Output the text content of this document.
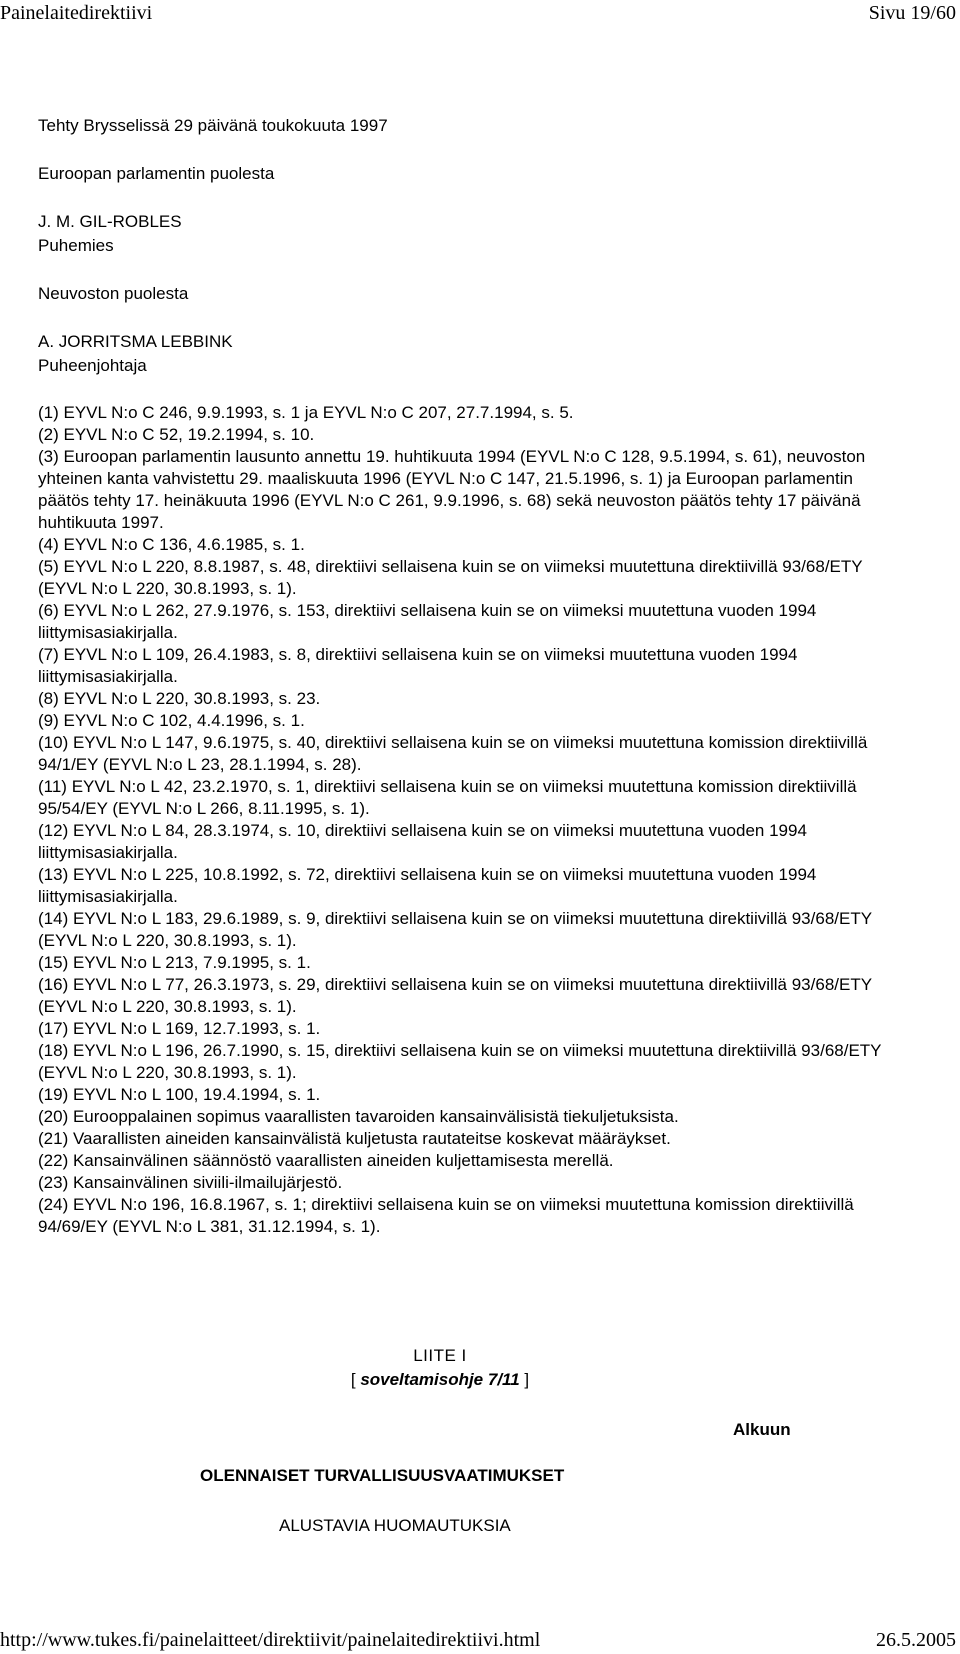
Painelaitedirektiivi	Sivu 19/60

Tehty Brysselissä 29 päivänä toukokuuta 1997

Euroopan parlamentin puolesta

J. M. GIL-ROBLES

Puhemies

Neuvoston puolesta

A. JORRITSMA LEBBINK

Puheenjohtaja

(1) EYVL N:o C 246, 9.9.1993, s. 1 ja EYVL N:o C 207, 27.7.1994, s. 5.

(2) EYVL N:o C 52, 19.2.1994, s. 10.

(3) Euroopan parlamentin lausunto annettu 19. huhtikuuta 1994 (EYVL N:o C 128, 9.5.1994, s. 61), neuvoston yhteinen kanta vahvistettu 29. maaliskuuta 1996 (EYVL N:o C 147, 21.5.1996, s. 1) ja Euroopan parlamentin päätös tehty 17. heinäkuuta 1996 (EYVL N:o C 261, 9.9.1996, s. 68) sekä neuvoston päätös tehty 17 päivänä huhtikuuta 1997.

(4) EYVL N:o C 136, 4.6.1985, s. 1.

(5) EYVL N:o L 220, 8.8.1987, s. 48, direktiivi sellaisena kuin se on viimeksi muutettuna direktiivillä 93/68/ETY (EYVL N:o L 220, 30.8.1993, s. 1).

(6) EYVL N:o L 262, 27.9.1976, s. 153, direktiivi sellaisena kuin se on viimeksi muutettuna vuoden 1994 liittymisasiakirjalla.

(7) EYVL N:o L 109, 26.4.1983, s. 8, direktiivi sellaisena kuin se on viimeksi muutettuna vuoden 1994 liittymisasiakirjalla.

(8) EYVL N:o L 220, 30.8.1993, s. 23.

(9) EYVL N:o C 102, 4.4.1996, s. 1.

(10) EYVL N:o L 147, 9.6.1975, s. 40, direktiivi sellaisena kuin se on viimeksi muutettuna komission direktiivillä 94/1/EY (EYVL N:o L 23, 28.1.1994, s. 28).

(11) EYVL N:o L 42, 23.2.1970, s. 1, direktiivi sellaisena kuin se on viimeksi muutettuna komission direktiivillä 95/54/EY (EYVL N:o L 266, 8.11.1995, s. 1).

(12) EYVL N:o L 84, 28.3.1974, s. 10, direktiivi sellaisena kuin se on viimeksi muutettuna vuoden 1994 liittymisasiakirjalla.

(13) EYVL N:o L 225, 10.8.1992, s. 72, direktiivi sellaisena kuin se on viimeksi muutettuna vuoden 1994 liittymisasiakirjalla.

(14) EYVL N:o L 183, 29.6.1989, s. 9, direktiivi sellaisena kuin se on viimeksi muutettuna direktiivillä 93/68/ETY (EYVL N:o L 220, 30.8.1993, s. 1).

(15) EYVL N:o L 213, 7.9.1995, s. 1.

(16) EYVL N:o L 77, 26.3.1973, s. 29, direktiivi sellaisena kuin se on viimeksi muutettuna direktiivillä 93/68/ETY (EYVL N:o L 220, 30.8.1993, s. 1).

(17) EYVL N:o L 169, 12.7.1993, s. 1.

(18) EYVL N:o L 196, 26.7.1990, s. 15, direktiivi sellaisena kuin se on viimeksi muutettuna direktiivillä 93/68/ETY (EYVL N:o L 220, 30.8.1993, s. 1).

(19) EYVL N:o L 100, 19.4.1994, s. 1.

(20) Eurooppalainen sopimus vaarallisten tavaroiden kansainvälisistä tiekuljetuksista.

(21) Vaarallisten aineiden kansainvälistä kuljetusta rautateitse koskevat määräykset.

(22) Kansainvälinen säännöstö vaarallisten aineiden kuljettamisesta merellä.

(23) Kansainvälinen siviili-ilmailujärjestö.

(24) EYVL N:o 196, 16.8.1967, s. 1; direktiivi sellaisena kuin se on viimeksi muutettuna komission direktiivillä 94/69/EY (EYVL N:o L 381, 31.12.1994, s. 1).

LIITE I
[ soveltamisohje 7/11 ]
Alkuun
OLENNAISET TURVALLISUUSVAATIMUKSET
ALUSTAVIA HUOMAUTUKSIA
http://www.tukes.fi/painelaitteet/direktiivit/painelaitedirektiivi.html	26.5.2005
